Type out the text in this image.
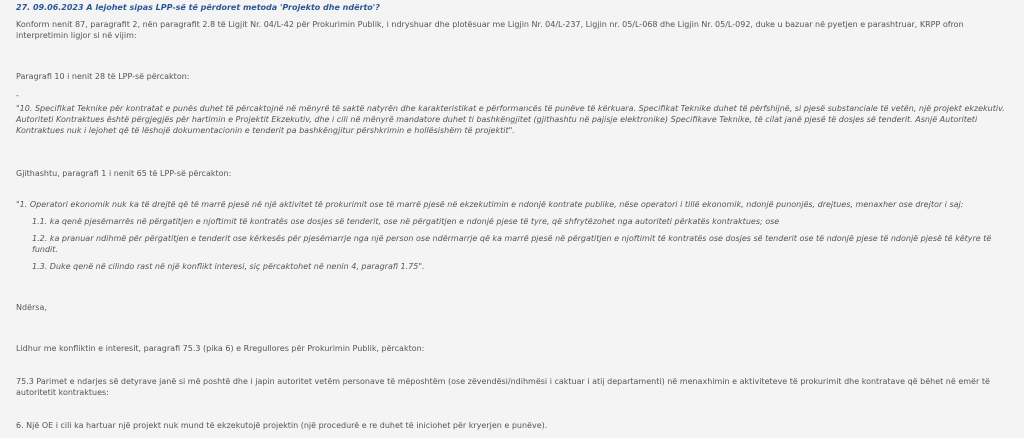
27. 09.06.2023 A lejohet sipas LPP-së të përdoret metoda 'Projekto dhe ndërto'?

Konform nenit 87, paragrafit 2, nën paragrafit 2.8 të Ligjit Nr. 04/L-42 për Prokurimin Publik, i ndryshuar dhe plotësuar me Ligjin Nr. 04/L-237, Ligjin nr. 05/L-068 dhe Ligjin Nr. 05/L-092, duke u bazuar në pyetjen e parashtruar, KRPP ofron interpretimin ligjor si në vijim:

Paragrafi 10 i nenit 28 të LPP-së përcakton:

-

"10. Specifikat Teknike për kontratat e punës duhet të përcaktojnë në mënyrë të saktë natyrën dhe karakteristikat e përformancës të punëve të kërkuara. Specifikat Teknike duhet të përfshijnë, si pjesë substanciale të vetën, një projekt ekzekutiv. Autoriteti Kontraktues është përgjegjës për hartimin e Projektit Ekzekutiv, dhe i cili në mënyrë mandatore duhet ti bashkëngjitet (gjithashtu në pajisje elektronike) Specifikave Teknike, të cilat janë pjesë të dosjes së tenderit. Asnjë Autoriteti Kontraktues nuk i lejohet që të lëshojë dokumentacionin e tenderit pa bashkëngjitur përshkrimin e hollësishëm të projektit".

Gjithashtu, paragrafi 1 i nenit 65 të LPP-së përcakton:

"1. Operatori ekonomik nuk ka të drejtë që të marrë pjesë në një aktivitet të prokurimit ose të marrë pjesë në ekzekutimin e ndonjë kontrate publike, nëse operatori i tillë ekonomik, ndonjë punonjës, drejtues, menaxher ose drejtor i saj:

1.1. ka qenë pjesëmarrës në përgatitjen e njoftimit të kontratës ose dosjes së tenderit, ose në përgatitjen e ndonjë pjese të tyre, që shfrytëzohet nga autoriteti përkatës kontraktues; ose

1.2. ka pranuar ndihmë për përgatitjen e tenderit ose kërkesës për pjesëmarrje nga një person ose ndërmarrje që ka marrë pjesë në përgatitjen e njoftimit të kontratës ose dosjes së tenderit ose të ndonjë pjese të ndonjë pjesë të këtyre të fundit.

1.3. Duke qenë në cilindo rast në një konflikt interesi, siç përcaktohet në nenin 4, paragrafi 1.75".

Ndërsa,

Lidhur me konfliktin e interesit, paragrafi 75.3 (pika 6) e Rregullores për Prokurimin Publik, përcakton:

75.3 Parimet e ndarjes së detyrave janë si më poshtë dhe i japin autoritet vetëm personave të mëposhtëm (ose zëvendësi/ndihmësi i caktuar i atij departamenti) në menaxhimin e aktiviteteve të prokurimit dhe kontratave që bëhet në emër të autoritetit kontraktues:

6. Një OE i cili ka hartuar një projekt nuk mund të ekzekutojë projektin (një procedurë e re duhet të iniciohet për kryerjen e punëve).
